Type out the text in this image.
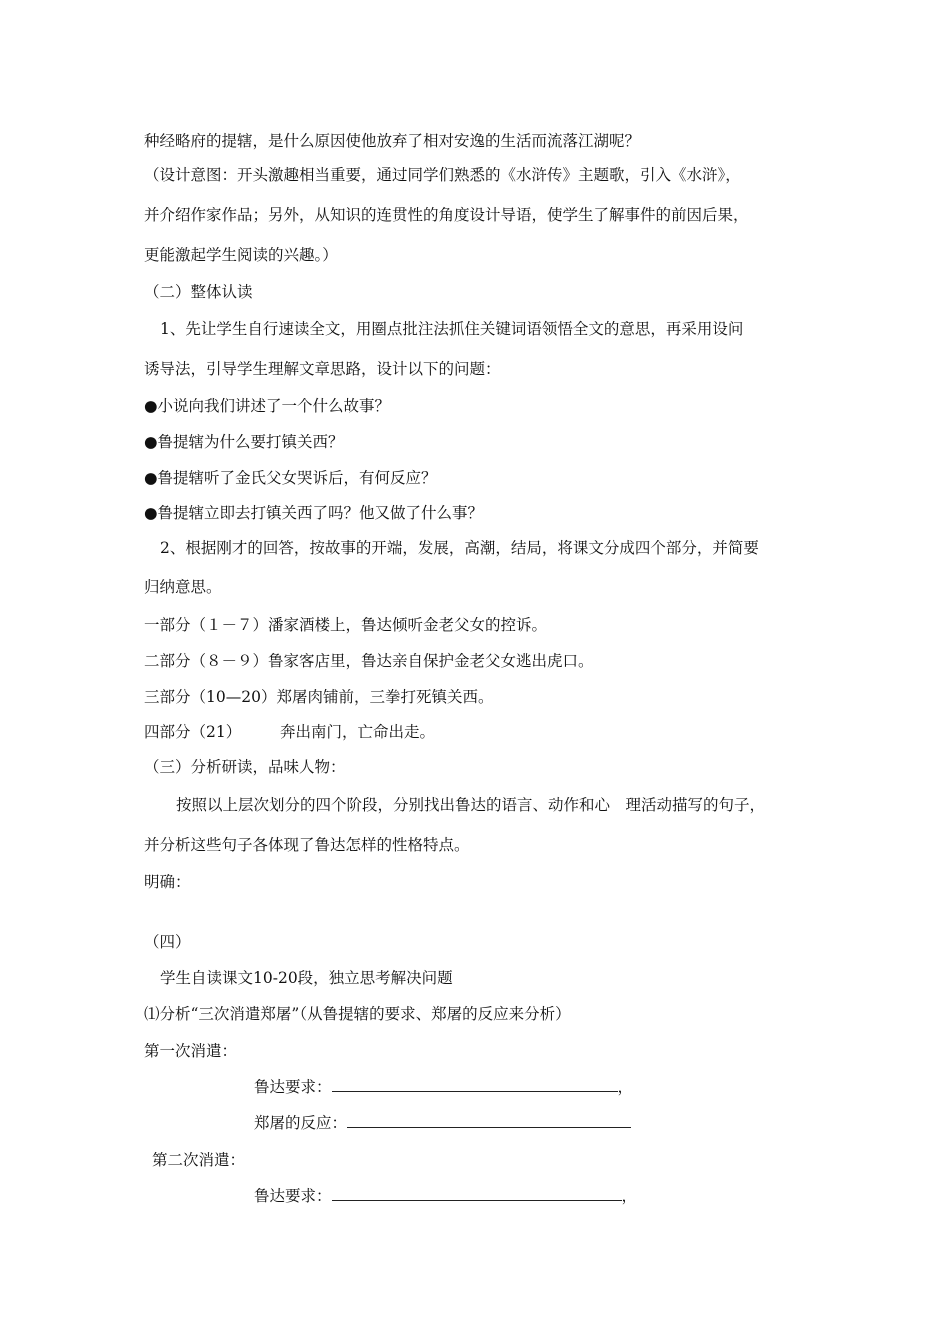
种经略府的提辖，是什么原因使他放弃了相对安逸的生活而流落江湖呢？
（设计意图：开头激趣相当重要，通过同学们熟悉的《水浒传》主题歌，引入《水浒》，
并介绍作家作品；另外，从知识的连贯性的角度设计导语，使学生了解事件的前因后果，
更能激起学生阅读的兴趣。）
（二）整体认读
1、先让学生自行速读全文，用圈点批注法抓住关键词语领悟全文的意思，再采用设问
诱导法，引导学生理解文章思路，设计以下的问题：
●小说向我们讲述了一个什么故事？
●鲁提辖为什么要打镇关西？
●鲁提辖听了金氏父女哭诉后，有何反应？
●鲁提辖立即去打镇关西了吗？他又做了什么事？
2、根据刚才的回答，按故事的开端，发展，高潮，结局，将课文分成四个部分，并简要
归纳意思。
一部分（１－７）潘家酒楼上，鲁达倾听金老父女的控诉。
二部分（８－９）鲁家客店里，鲁达亲自保护金老父女逃出虎口。
三部分（10—20）郑屠肉铺前，三拳打死镇关西。
四部分（21）　　　奔出南门，亡命出走。
（三）分析研读，品味人物：
按照以上层次划分的四个阶段，分别找出鲁达的语言、动作和心　理活动描写的句子，
并分析这些句子各体现了鲁达怎样的性格特点。
明确：
（四）
学生自读课文10-20段，独立思考解决问题
⑴分析“三次消遣郑屠”（从鲁提辖的要求、郑屠的反应来分析）
第一次消遣：
鲁达要求：	，
郑屠的反应：
第二次消遣：
鲁达要求：	，
